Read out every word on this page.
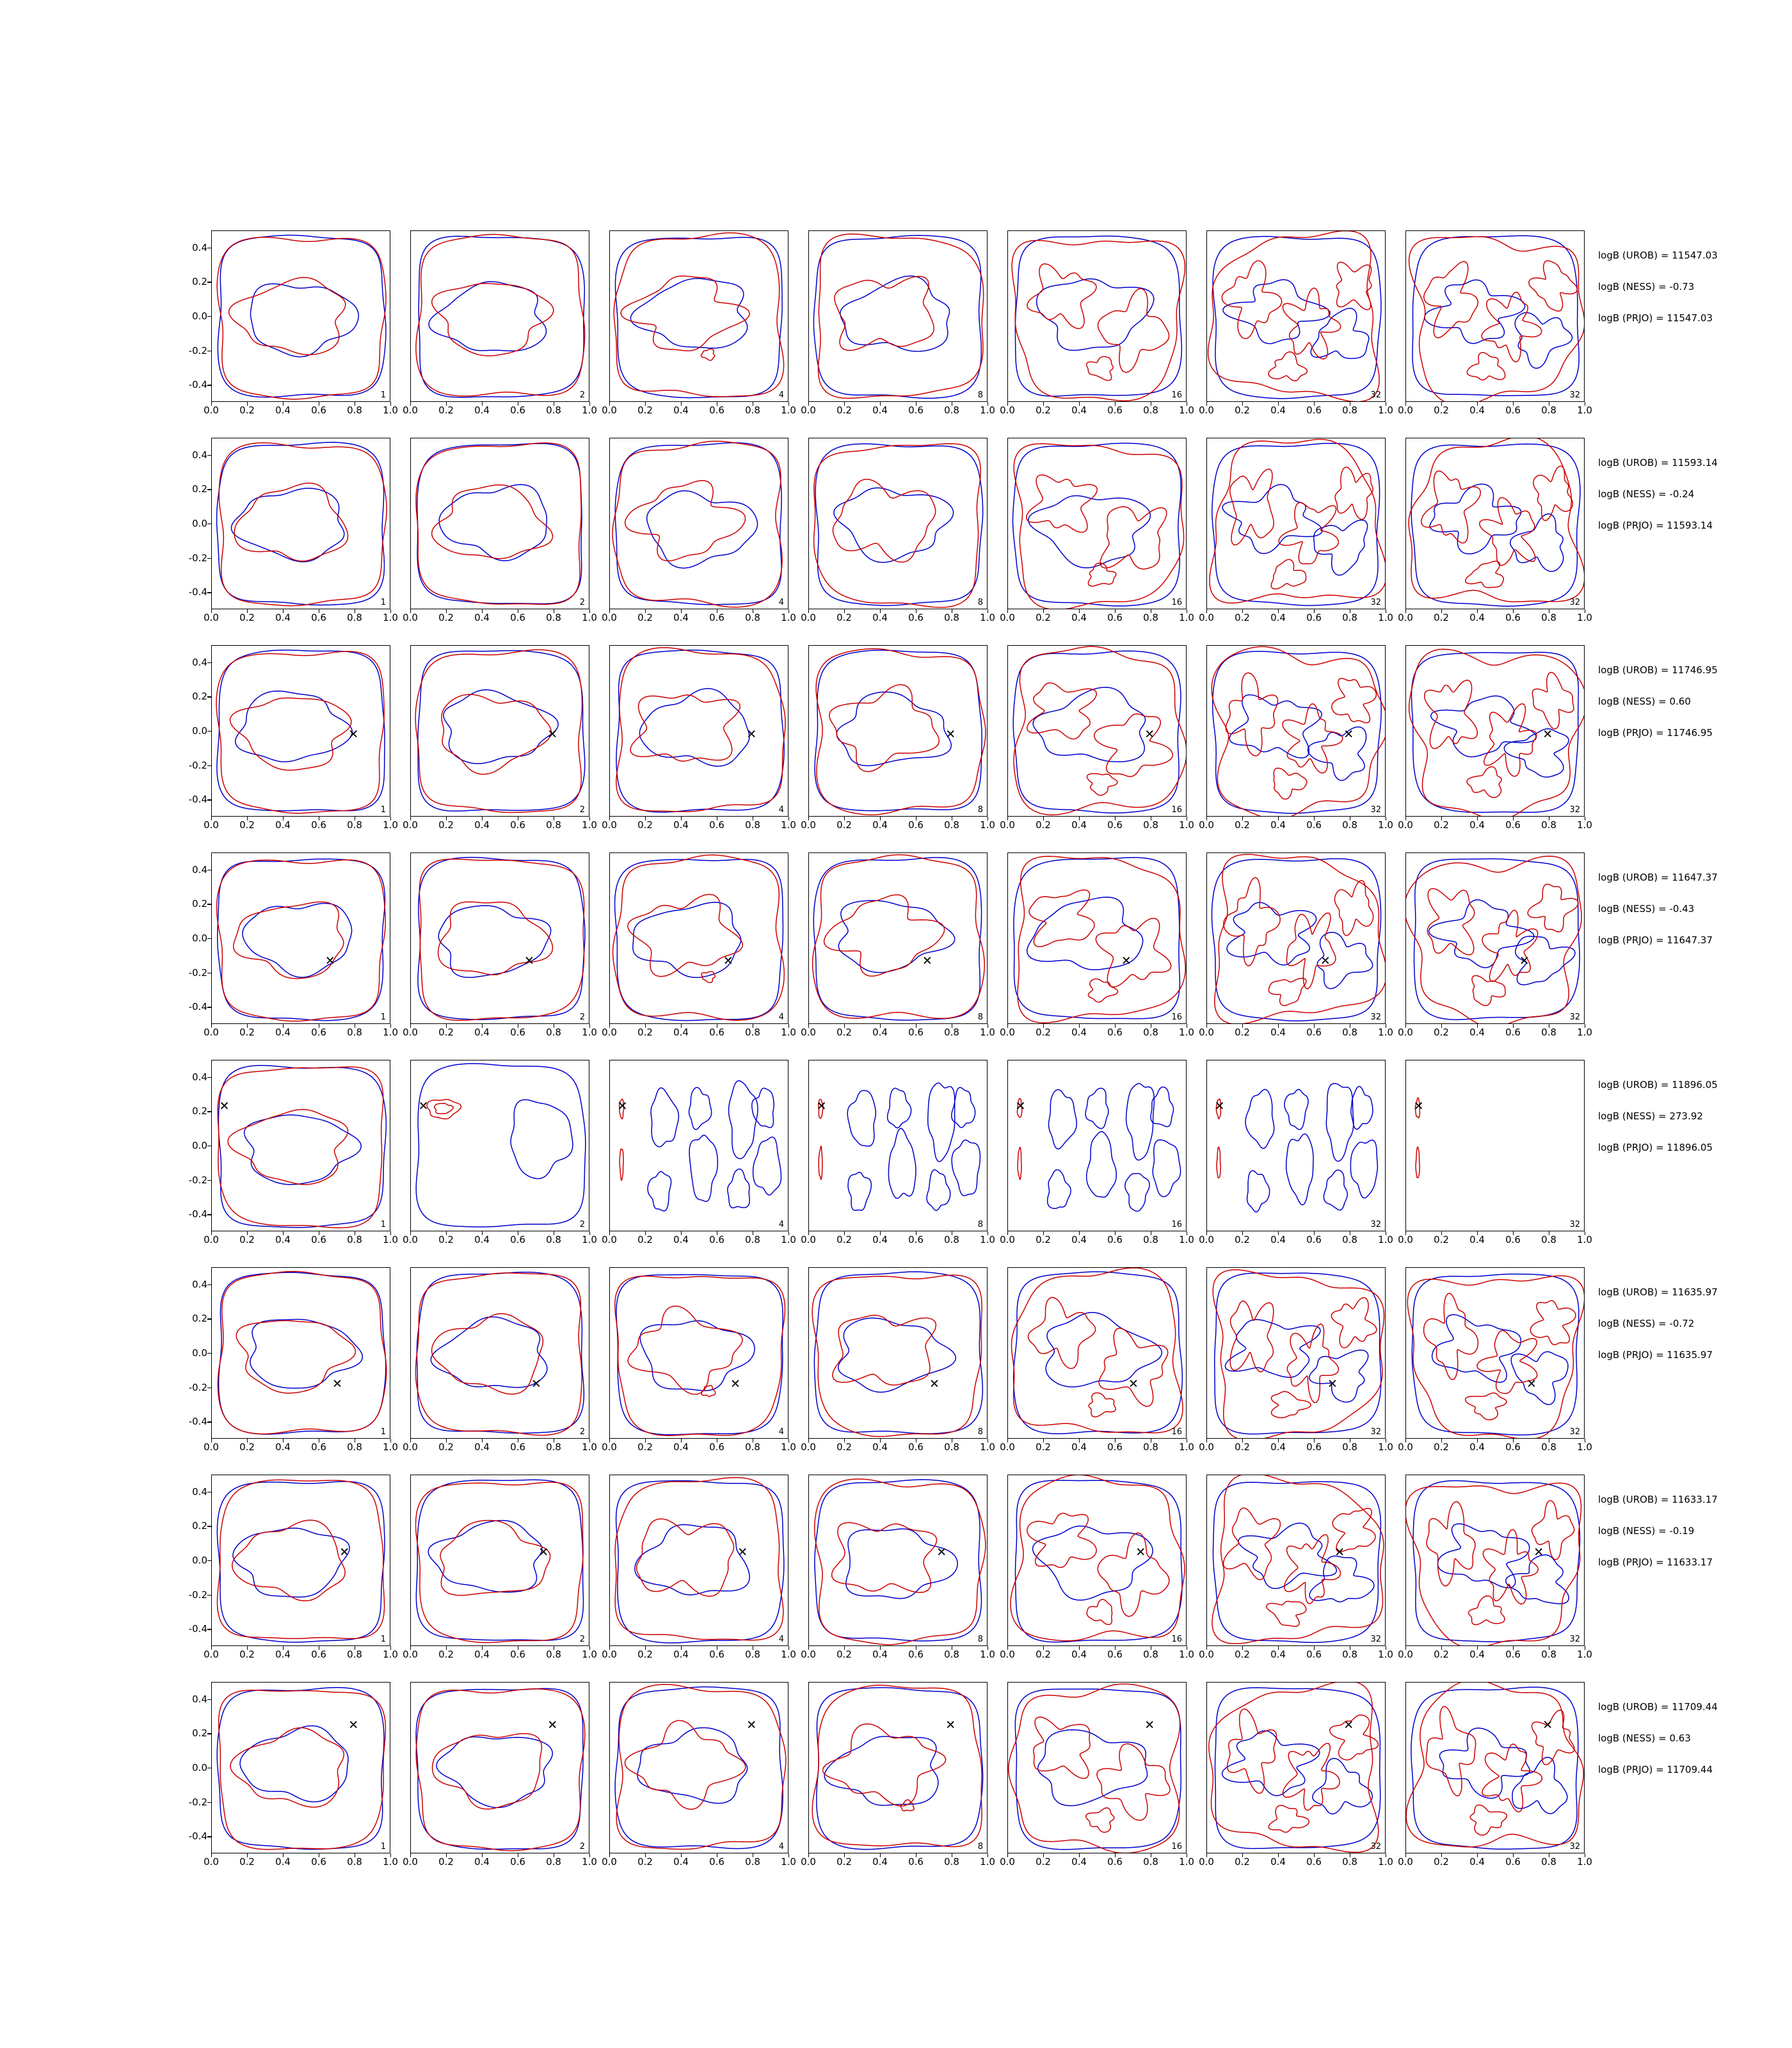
1
0.0 0.2 0.4 0.6 0.8 1.0
-0.4
-0.2
0.0
0.2
0.4
2
0.0 0.2 0.4 0.6 0.8 1.0
4
0.0 0.2 0.4 0.6 0.8 1.0
8
0.0 0.2 0.4 0.6 0.8 1.0
16
0.0 0.2 0.4 0.6 0.8 1.0
32
0.0 0.2 0.4 0.6 0.8 1.0
32
0.0 0.2 0.4 0.6 0.8 1.0
logB (UROB) = 11547.03
logB (NESS) = -0.73
logB (PRJO) = 11547.03
1
0.0 0.2 0.4 0.6 0.8 1.0
-0.4
-0.2
0.0
0.2
0.4
2
0.0 0.2 0.4 0.6 0.8 1.0
4
0.0 0.2 0.4 0.6 0.8 1.0
8
0.0 0.2 0.4 0.6 0.8 1.0
16
0.0 0.2 0.4 0.6 0.8 1.0
32
0.0 0.2 0.4 0.6 0.8 1.0
32
0.0 0.2 0.4 0.6 0.8 1.0
logB (UROB) = 11593.14
logB (NESS) = -0.24
logB (PRJO) = 11593.14
1
✕
0.0 0.2 0.4 0.6 0.8 1.0
-0.4
-0.2
0.0
0.2
0.4
2
✕
0.0 0.2 0.4 0.6 0.8 1.0
4
✕
0.0 0.2 0.4 0.6 0.8 1.0
8
✕
0.0 0.2 0.4 0.6 0.8 1.0
16
✕
0.0 0.2 0.4 0.6 0.8 1.0
32
✕
0.0 0.2 0.4 0.6 0.8 1.0
32
✕
0.0 0.2 0.4 0.6 0.8 1.0
logB (UROB) = 11746.95
logB (NESS) = 0.60
logB (PRJO) = 11746.95
1
✕
0.0 0.2 0.4 0.6 0.8 1.0
-0.4
-0.2
0.0
0.2
0.4
2
✕
0.0 0.2 0.4 0.6 0.8 1.0
4
✕
0.0 0.2 0.4 0.6 0.8 1.0
8
✕
0.0 0.2 0.4 0.6 0.8 1.0
16
✕
0.0 0.2 0.4 0.6 0.8 1.0
32
✕
0.0 0.2 0.4 0.6 0.8 1.0
32
✕
0.0 0.2 0.4 0.6 0.8 1.0
logB (UROB) = 11647.37
logB (NESS) = -0.43
logB (PRJO) = 11647.37
1
✕
0.0 0.2 0.4 0.6 0.8 1.0
-0.4
-0.2
0.0
0.2
0.4
2
✕
0.0 0.2 0.4 0.6 0.8 1.0
4
✕
0.0 0.2 0.4 0.6 0.8 1.0
8
✕
0.0 0.2 0.4 0.6 0.8 1.0
16
✕
0.0 0.2 0.4 0.6 0.8 1.0
32
✕
0.0 0.2 0.4 0.6 0.8 1.0
32
✕
0.0 0.2 0.4 0.6 0.8 1.0
logB (UROB) = 11896.05
logB (NESS) = 273.92
logB (PRJO) = 11896.05
1
✕
0.0 0.2 0.4 0.6 0.8 1.0
-0.4
-0.2
0.0
0.2
0.4
2
✕
0.0 0.2 0.4 0.6 0.8 1.0
4
✕
0.0 0.2 0.4 0.6 0.8 1.0
8
✕
0.0 0.2 0.4 0.6 0.8 1.0
16
✕
0.0 0.2 0.4 0.6 0.8 1.0
32
✕
0.0 0.2 0.4 0.6 0.8 1.0
32
✕
0.0 0.2 0.4 0.6 0.8 1.0
logB (UROB) = 11635.97
logB (NESS) = -0.72
logB (PRJO) = 11635.97
1
✕
0.0 0.2 0.4 0.6 0.8 1.0
-0.4
-0.2
0.0
0.2
0.4
2
✕
0.0 0.2 0.4 0.6 0.8 1.0
4
✕
0.0 0.2 0.4 0.6 0.8 1.0
8
✕
0.0 0.2 0.4 0.6 0.8 1.0
16
✕
0.0 0.2 0.4 0.6 0.8 1.0
32
✕
0.0 0.2 0.4 0.6 0.8 1.0
32
✕
0.0 0.2 0.4 0.6 0.8 1.0
logB (UROB) = 11633.17
logB (NESS) = -0.19
logB (PRJO) = 11633.17
1
✕
0.0 0.2 0.4 0.6 0.8 1.0
-0.4
-0.2
0.0
0.2
0.4
2
✕
0.0 0.2 0.4 0.6 0.8 1.0
4
✕
0.0 0.2 0.4 0.6 0.8 1.0
8
✕
0.0 0.2 0.4 0.6 0.8 1.0
16
✕
0.0 0.2 0.4 0.6 0.8 1.0
32
✕
0.0 0.2 0.4 0.6 0.8 1.0
32
✕
0.0 0.2 0.4 0.6 0.8 1.0
logB (UROB) = 11709.44
logB (NESS) = 0.63
logB (PRJO) = 11709.44
